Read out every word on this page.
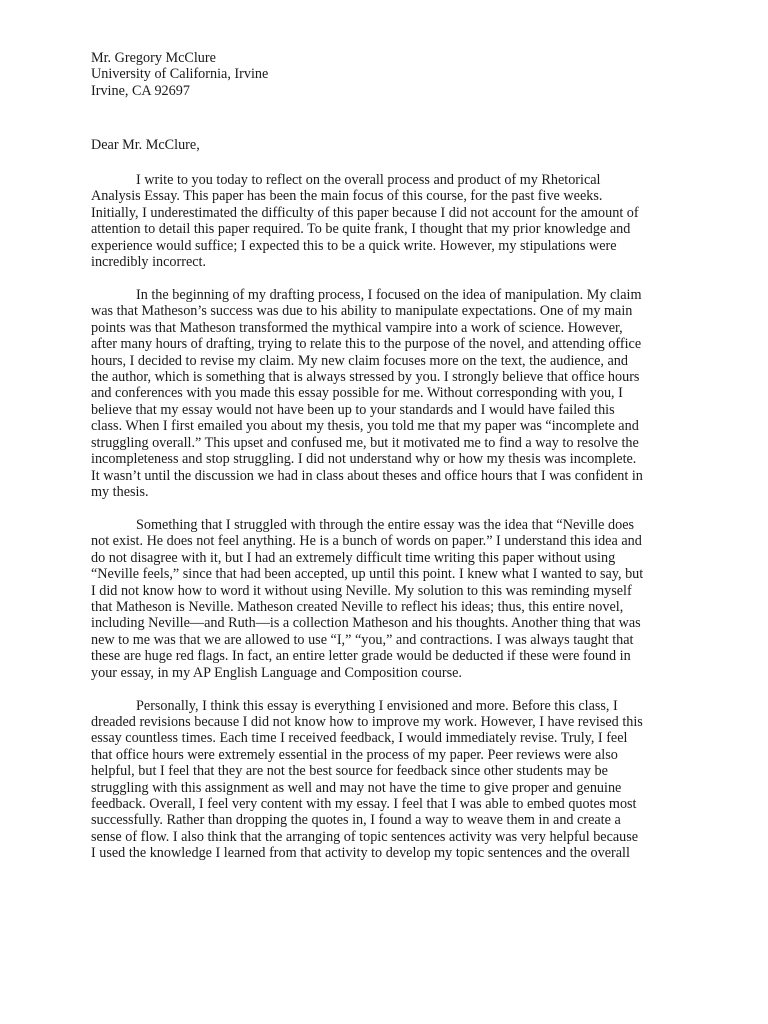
Mr. Gregory McClure
University of California, Irvine
Irvine, CA 92697
Dear Mr. McClure,
I write to you today to reflect on the overall process and product of my Rhetorical
Analysis Essay. This paper has been the main focus of this course, for the past five weeks.
Initially, I underestimated the difficulty of this paper because I did not account for the amount of
attention to detail this paper required. To be quite frank, I thought that my prior knowledge and
experience would suffice; I expected this to be a quick write. However, my stipulations were
incredibly incorrect.
In the beginning of my drafting process, I focused on the idea of manipulation. My claim
was that Matheson’s success was due to his ability to manipulate expectations. One of my main
points was that Matheson transformed the mythical vampire into a work of science. However,
after many hours of drafting, trying to relate this to the purpose of the novel, and attending office
hours, I decided to revise my claim. My new claim focuses more on the text, the audience, and
the author, which is something that is always stressed by you. I strongly believe that office hours
and conferences with you made this essay possible for me. Without corresponding with you, I
believe that my essay would not have been up to your standards and I would have failed this
class. When I first emailed you about my thesis, you told me that my paper was “incomplete and
struggling overall.” This upset and confused me, but it motivated me to find a way to resolve the
incompleteness and stop struggling. I did not understand why or how my thesis was incomplete.
It wasn’t until the discussion we had in class about theses and office hours that I was confident in
my thesis.
Something that I struggled with through the entire essay was the idea that “Neville does
not exist. He does not feel anything. He is a bunch of words on paper.” I understand this idea and
do not disagree with it, but I had an extremely difficult time writing this paper without using
“Neville feels,” since that had been accepted, up until this point. I knew what I wanted to say, but
I did not know how to word it without using Neville. My solution to this was reminding myself
that Matheson is Neville. Matheson created Neville to reflect his ideas; thus, this entire novel,
including Neville—and Ruth—is a collection Matheson and his thoughts. Another thing that was
new to me was that we are allowed to use “I,” “you,” and contractions. I was always taught that
these are huge red flags. In fact, an entire letter grade would be deducted if these were found in
your essay, in my AP English Language and Composition course.
Personally, I think this essay is everything I envisioned and more. Before this class, I
dreaded revisions because I did not know how to improve my work. However, I have revised this
essay countless times. Each time I received feedback, I would immediately revise. Truly, I feel
that office hours were extremely essential in the process of my paper. Peer reviews were also
helpful, but I feel that they are not the best source for feedback since other students may be
struggling with this assignment as well and may not have the time to give proper and genuine
feedback. Overall, I feel very content with my essay. I feel that I was able to embed quotes most
successfully. Rather than dropping the quotes in, I found a way to weave them in and create a
sense of flow. I also think that the arranging of topic sentences activity was very helpful because
I used the knowledge I learned from that activity to develop my topic sentences and the overall
